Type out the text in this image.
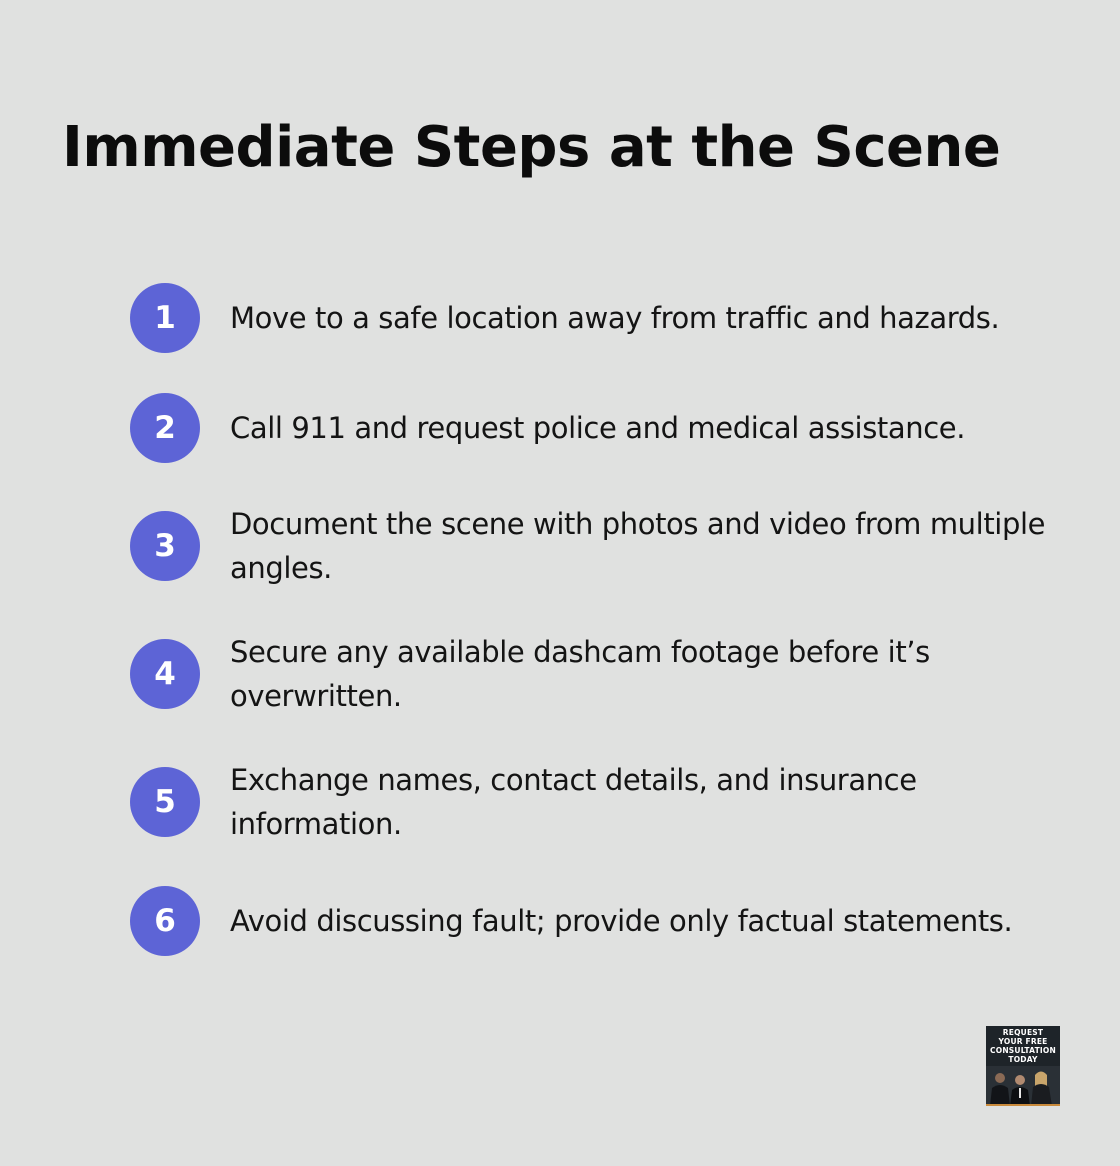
Immediate Steps at the Scene
1	Move to a safe location away from traffic and hazards.
2	Call 911 and request police and medical assistance.
3
Document the scene with photos and video from multiple angles.
4
Secure any available dashcam footage before it’s overwritten.
5
Exchange names, contact details, and insurance information.
6	Avoid discussing fault; provide only factual statements.
REQUEST
YOUR FREE
CONSULTATION
TODAY
